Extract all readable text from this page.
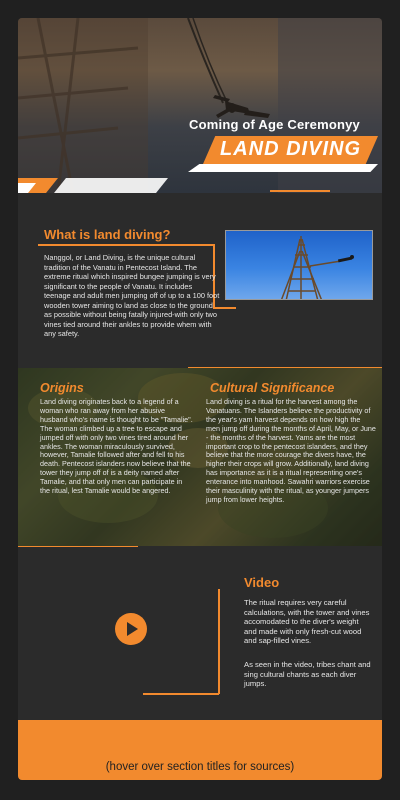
Coming of Age Ceremonyy
LAND DIVING
What is land diving?
Nanggol, or Land Diving, is the unique cultural tradition of the Vanatu in Pentecost Island. The extreme ritual which inspired bungee jumping is very significant to the people of Vanatu. It includes teenage and adult men jumping off of up to a 100 foot wooden tower aiming to land as close to the ground as possible without being fatally injured-with only two vines tied around their ankles to provide whem with any safety.
Origins
Land diving originates back to a legend of a woman who ran away from her abusive husband who's name is thought to be "Tamalie". The woman climbed up a tree to escape and jumped off with only two vines tired around her ankles. The woman miraculously survived, however, Tamalie followed after and fell to his death. Pentecost islanders now believe that the tower they jump off of is a deity named after Tamalie, and that only men can participate in the ritual, lest Tamalie would be angered.
Cultural Significance
Land diving is a ritual for the harvest among the Vanatuans. The Islanders believe the productivity of the year's yam harvest depends on how high the men jump off during the months of April, May, or June - the months of the harvest. Yams are the most important crop to the pentecost islanders, and they believe that the more courage the divers have, the higher their crops will grow. Additionally, land diving has importance as it is a ritual representing one's enterance into manhood. Sawahri warriors exercise their masculinity with the ritual, as younger jumpers jump from lower heights.
Video
The ritual requires very careful calculations, with the tower and vines accomodated to the diver's weight and made with only fresh-cut wood and sap-filled vines.
As seen in the video, tribes chant and sing cultural chants as each diver jumps.
(hover over section titles for sources)
